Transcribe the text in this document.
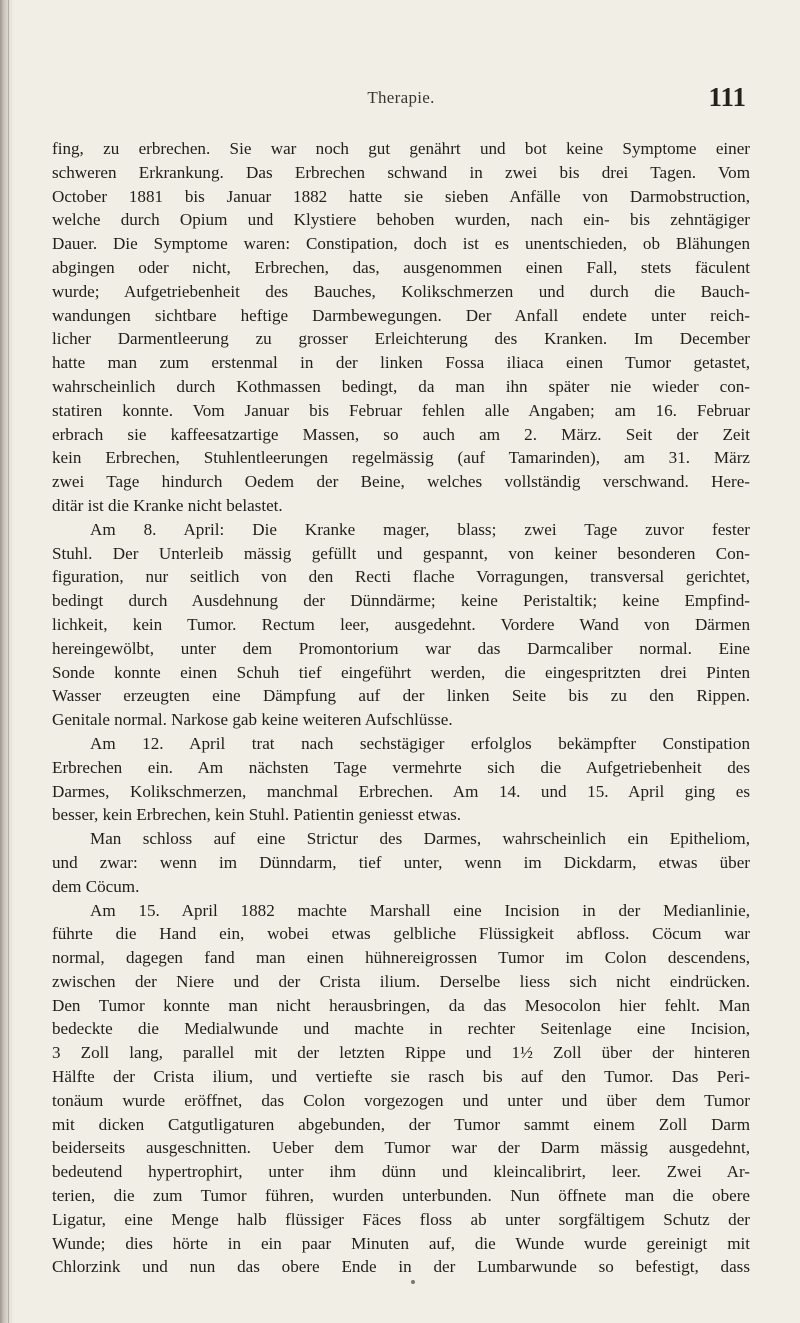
Therapie.	111
fing, zu erbrechen. Sie war noch gut genährt und bot keine Symptome einer
schweren Erkrankung. Das Erbrechen schwand in zwei bis drei Tagen. Vom
October 1881 bis Januar 1882 hatte sie sieben Anfälle von Darmobstruction,
welche durch Opium und Klystiere behoben wurden, nach ein- bis zehntägiger
Dauer. Die Symptome waren: Constipation, doch ist es unentschieden, ob Blähungen
abgingen oder nicht, Erbrechen, das, ausgenommen einen Fall, stets fäculent
wurde; Aufgetriebenheit des Bauches, Kolikschmerzen und durch die Bauch-
wandungen sichtbare heftige Darmbewegungen. Der Anfall endete unter reich-
licher Darmentleerung zu grosser Erleichterung des Kranken. Im December
hatte man zum erstenmal in der linken Fossa iliaca einen Tumor getastet,
wahrscheinlich durch Kothmassen bedingt, da man ihn später nie wieder con-
statiren konnte. Vom Januar bis Februar fehlen alle Angaben; am 16. Februar
erbrach sie kaffeesatzartige Massen, so auch am 2. März. Seit der Zeit
kein Erbrechen, Stuhlentleerungen regelmässig (auf Tamarinden), am 31. März
zwei Tage hindurch Oedem der Beine, welches vollständig verschwand. Here-
ditär ist die Kranke nicht belastet.
Am 8. April: Die Kranke mager, blass; zwei Tage zuvor fester
Stuhl. Der Unterleib mässig gefüllt und gespannt, von keiner besonderen Con-
figuration, nur seitlich von den Recti flache Vorragungen, transversal gerichtet,
bedingt durch Ausdehnung der Dünndärme; keine Peristaltik; keine Empfind-
lichkeit, kein Tumor. Rectum leer, ausgedehnt. Vordere Wand von Därmen
hereingewölbt, unter dem Promontorium war das Darmcaliber normal. Eine
Sonde konnte einen Schuh tief eingeführt werden, die eingespritzten drei Pinten
Wasser erzeugten eine Dämpfung auf der linken Seite bis zu den Rippen.
Genitale normal. Narkose gab keine weiteren Aufschlüsse.
Am 12. April trat nach sechstägiger erfolglos bekämpfter Constipation
Erbrechen ein. Am nächsten Tage vermehrte sich die Aufgetriebenheit des
Darmes, Kolikschmerzen, manchmal Erbrechen. Am 14. und 15. April ging es
besser, kein Erbrechen, kein Stuhl. Patientin geniesst etwas.
Man schloss auf eine Strictur des Darmes, wahrscheinlich ein Epitheliom,
und zwar: wenn im Dünndarm, tief unter, wenn im Dickdarm, etwas über
dem Cöcum.
Am 15. April 1882 machte Marshall eine Incision in der Medianlinie,
führte die Hand ein, wobei etwas gelbliche Flüssigkeit abfloss. Cöcum war
normal, dagegen fand man einen hühnereigrossen Tumor im Colon descendens,
zwischen der Niere und der Crista ilium. Derselbe liess sich nicht eindrücken.
Den Tumor konnte man nicht herausbringen, da das Mesocolon hier fehlt. Man
bedeckte die Medialwunde und machte in rechter Seitenlage eine Incision,
3 Zoll lang, parallel mit der letzten Rippe und 1½ Zoll über der hinteren
Hälfte der Crista ilium, und vertiefte sie rasch bis auf den Tumor. Das Peri-
tonäum wurde eröffnet, das Colon vorgezogen und unter und über dem Tumor
mit dicken Catgutligaturen abgebunden, der Tumor sammt einem Zoll Darm
beiderseits ausgeschnitten. Ueber dem Tumor war der Darm mässig ausgedehnt,
bedeutend hypertrophirt, unter ihm dünn und kleincalibrirt, leer. Zwei Ar-
terien, die zum Tumor führen, wurden unterbunden. Nun öffnete man die obere
Ligatur, eine Menge halb flüssiger Fäces floss ab unter sorgfältigem Schutz der
Wunde; dies hörte in ein paar Minuten auf, die Wunde wurde gereinigt mit
Chlorzink und nun das obere Ende in der Lumbarwunde so befestigt, dass
